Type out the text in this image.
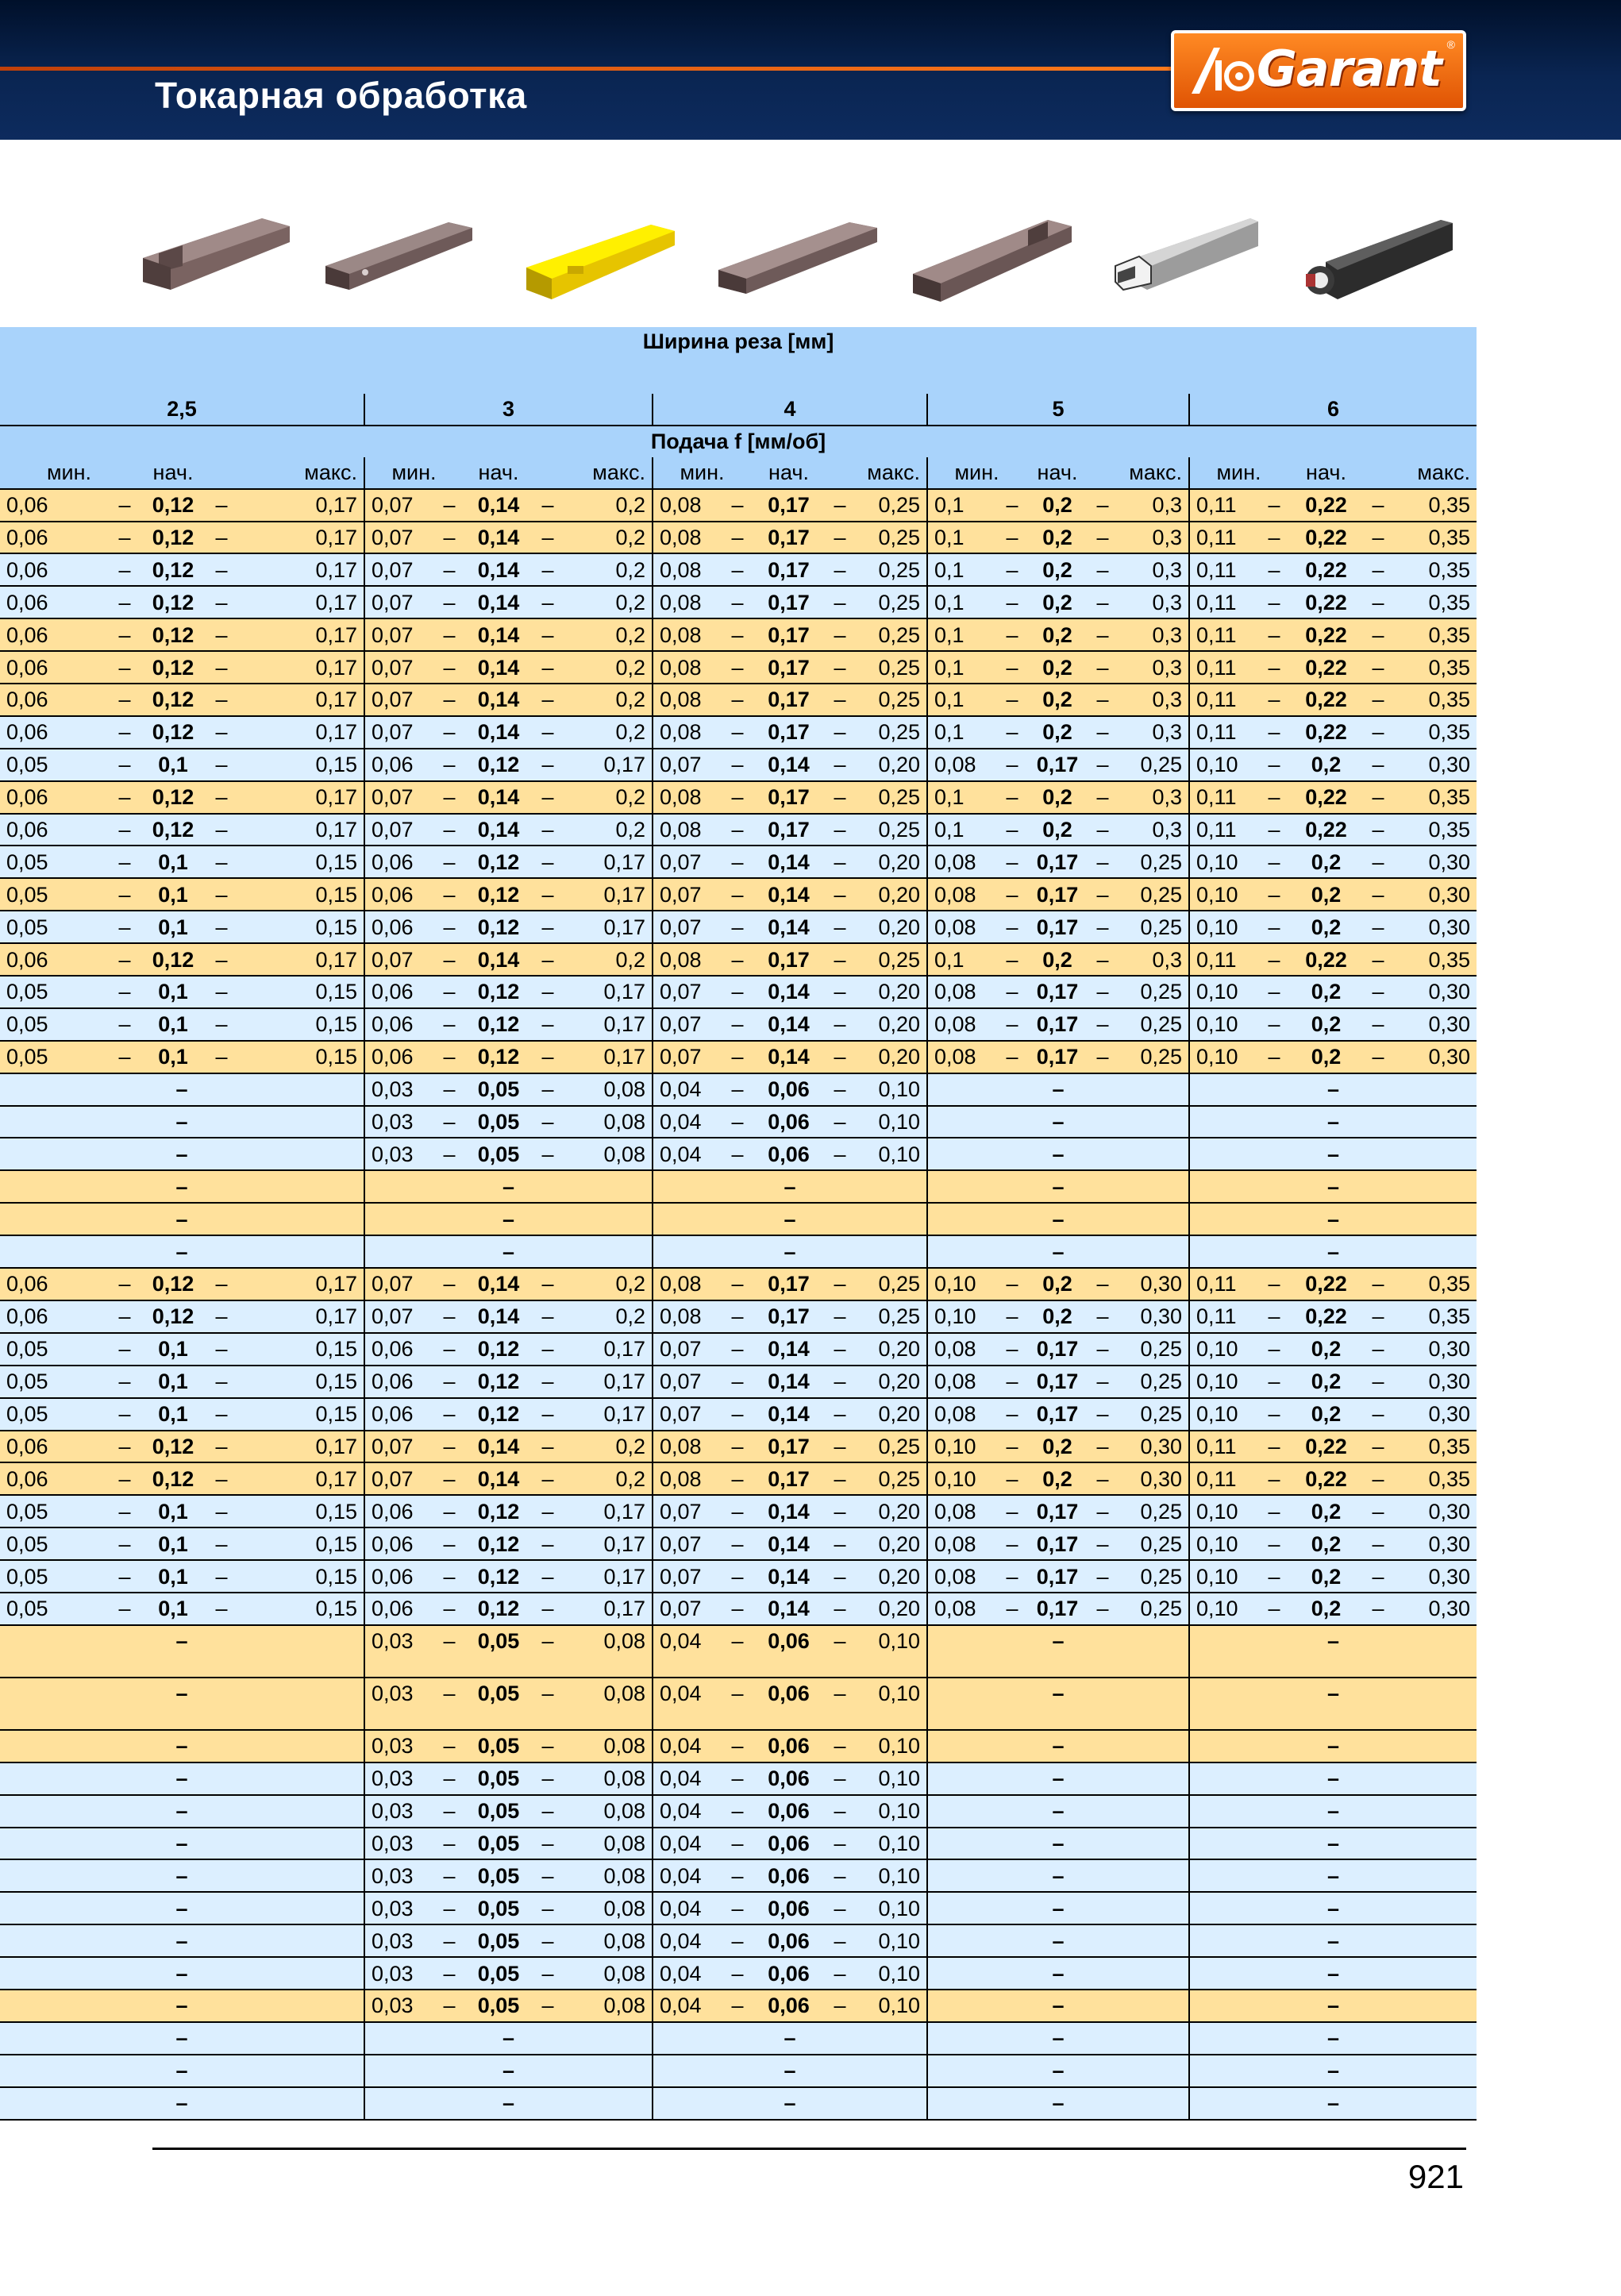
Токарная обработка	Garant ®
Ширина реза [мм]																								

2,5					3					4					5					6				
Подача f [мм/об]																								
мин.		нач.	макс.		мин.		нач.	макс.		мин.		нач.	макс.		мин.		нач.	макс.		мин.		нач.	макс.	
0,06	–	0,12	–	0,17	0,07	–	0,14	–	0,2	0,08	–	0,17	–	0,25	0,1	–	0,2	–	0,3	0,11	–	0,22	–	0,35
0,06	–	0,12	–	0,17	0,07	–	0,14	–	0,2	0,08	–	0,17	–	0,25	0,1	–	0,2	–	0,3	0,11	–	0,22	–	0,35
0,06	–	0,12	–	0,17	0,07	–	0,14	–	0,2	0,08	–	0,17	–	0,25	0,1	–	0,2	–	0,3	0,11	–	0,22	–	0,35
0,06	–	0,12	–	0,17	0,07	–	0,14	–	0,2	0,08	–	0,17	–	0,25	0,1	–	0,2	–	0,3	0,11	–	0,22	–	0,35
0,06	–	0,12	–	0,17	0,07	–	0,14	–	0,2	0,08	–	0,17	–	0,25	0,1	–	0,2	–	0,3	0,11	–	0,22	–	0,35
0,06	–	0,12	–	0,17	0,07	–	0,14	–	0,2	0,08	–	0,17	–	0,25	0,1	–	0,2	–	0,3	0,11	–	0,22	–	0,35
0,06	–	0,12	–	0,17	0,07	–	0,14	–	0,2	0,08	–	0,17	–	0,25	0,1	–	0,2	–	0,3	0,11	–	0,22	–	0,35
0,06	–	0,12	–	0,17	0,07	–	0,14	–	0,2	0,08	–	0,17	–	0,25	0,1	–	0,2	–	0,3	0,11	–	0,22	–	0,35
0,05	–	0,1	–	0,15	0,06	–	0,12	–	0,17	0,07	–	0,14	–	0,20	0,08	–	0,17	–	0,25	0,10	–	0,2	–	0,30
0,06	–	0,12	–	0,17	0,07	–	0,14	–	0,2	0,08	–	0,17	–	0,25	0,1	–	0,2	–	0,3	0,11	–	0,22	–	0,35
0,06	–	0,12	–	0,17	0,07	–	0,14	–	0,2	0,08	–	0,17	–	0,25	0,1	–	0,2	–	0,3	0,11	–	0,22	–	0,35
0,05	–	0,1	–	0,15	0,06	–	0,12	–	0,17	0,07	–	0,14	–	0,20	0,08	–	0,17	–	0,25	0,10	–	0,2	–	0,30
0,05	–	0,1	–	0,15	0,06	–	0,12	–	0,17	0,07	–	0,14	–	0,20	0,08	–	0,17	–	0,25	0,10	–	0,2	–	0,30
0,05	–	0,1	–	0,15	0,06	–	0,12	–	0,17	0,07	–	0,14	–	0,20	0,08	–	0,17	–	0,25	0,10	–	0,2	–	0,30
0,06	–	0,12	–	0,17	0,07	–	0,14	–	0,2	0,08	–	0,17	–	0,25	0,1	–	0,2	–	0,3	0,11	–	0,22	–	0,35
0,05	–	0,1	–	0,15	0,06	–	0,12	–	0,17	0,07	–	0,14	–	0,20	0,08	–	0,17	–	0,25	0,10	–	0,2	–	0,30
0,05	–	0,1	–	0,15	0,06	–	0,12	–	0,17	0,07	–	0,14	–	0,20	0,08	–	0,17	–	0,25	0,10	–	0,2	–	0,30
0,05	–	0,1	–	0,15	0,06	–	0,12	–	0,17	0,07	–	0,14	–	0,20	0,08	–	0,17	–	0,25	0,10	–	0,2	–	0,30
–					0,03	–	0,05	–	0,08	0,04	–	0,06	–	0,10	–					–				
–					0,03	–	0,05	–	0,08	0,04	–	0,06	–	0,10	–					–				
–					0,03	–	0,05	–	0,08	0,04	–	0,06	–	0,10	–					–				
–					–					–					–					–				
–					–					–					–					–				
–					–					–					–					–				
0,06	–	0,12	–	0,17	0,07	–	0,14	–	0,2	0,08	–	0,17	–	0,25	0,10	–	0,2	–	0,30	0,11	–	0,22	–	0,35
0,06	–	0,12	–	0,17	0,07	–	0,14	–	0,2	0,08	–	0,17	–	0,25	0,10	–	0,2	–	0,30	0,11	–	0,22	–	0,35
0,05	–	0,1	–	0,15	0,06	–	0,12	–	0,17	0,07	–	0,14	–	0,20	0,08	–	0,17	–	0,25	0,10	–	0,2	–	0,30
0,05	–	0,1	–	0,15	0,06	–	0,12	–	0,17	0,07	–	0,14	–	0,20	0,08	–	0,17	–	0,25	0,10	–	0,2	–	0,30
0,05	–	0,1	–	0,15	0,06	–	0,12	–	0,17	0,07	–	0,14	–	0,20	0,08	–	0,17	–	0,25	0,10	–	0,2	–	0,30
0,06	–	0,12	–	0,17	0,07	–	0,14	–	0,2	0,08	–	0,17	–	0,25	0,10	–	0,2	–	0,30	0,11	–	0,22	–	0,35
0,06	–	0,12	–	0,17	0,07	–	0,14	–	0,2	0,08	–	0,17	–	0,25	0,10	–	0,2	–	0,30	0,11	–	0,22	–	0,35
0,05	–	0,1	–	0,15	0,06	–	0,12	–	0,17	0,07	–	0,14	–	0,20	0,08	–	0,17	–	0,25	0,10	–	0,2	–	0,30
0,05	–	0,1	–	0,15	0,06	–	0,12	–	0,17	0,07	–	0,14	–	0,20	0,08	–	0,17	–	0,25	0,10	–	0,2	–	0,30
0,05	–	0,1	–	0,15	0,06	–	0,12	–	0,17	0,07	–	0,14	–	0,20	0,08	–	0,17	–	0,25	0,10	–	0,2	–	0,30
0,05	–	0,1	–	0,15	0,06	–	0,12	–	0,17	0,07	–	0,14	–	0,20	0,08	–	0,17	–	0,25	0,10	–	0,2	–	0,30
–					0,03	–	0,05	–	0,08	0,04	–	0,06	–	0,10	–					–				
–					0,03	–	0,05	–	0,08	0,04	–	0,06	–	0,10	–					–				
–					0,03	–	0,05	–	0,08	0,04	–	0,06	–	0,10	–					–				
–					0,03	–	0,05	–	0,08	0,04	–	0,06	–	0,10	–					–				
–					0,03	–	0,05	–	0,08	0,04	–	0,06	–	0,10	–					–				
–					0,03	–	0,05	–	0,08	0,04	–	0,06	–	0,10	–					–				
–					0,03	–	0,05	–	0,08	0,04	–	0,06	–	0,10	–					–				
–					0,03	–	0,05	–	0,08	0,04	–	0,06	–	0,10	–					–				
–					0,03	–	0,05	–	0,08	0,04	–	0,06	–	0,10	–					–				
–					0,03	–	0,05	–	0,08	0,04	–	0,06	–	0,10	–					–				
–					0,03	–	0,05	–	0,08	0,04	–	0,06	–	0,10	–					–				
–					–					–					–					–				
–					–					–					–					–				
–					–					–					–					–				
921
